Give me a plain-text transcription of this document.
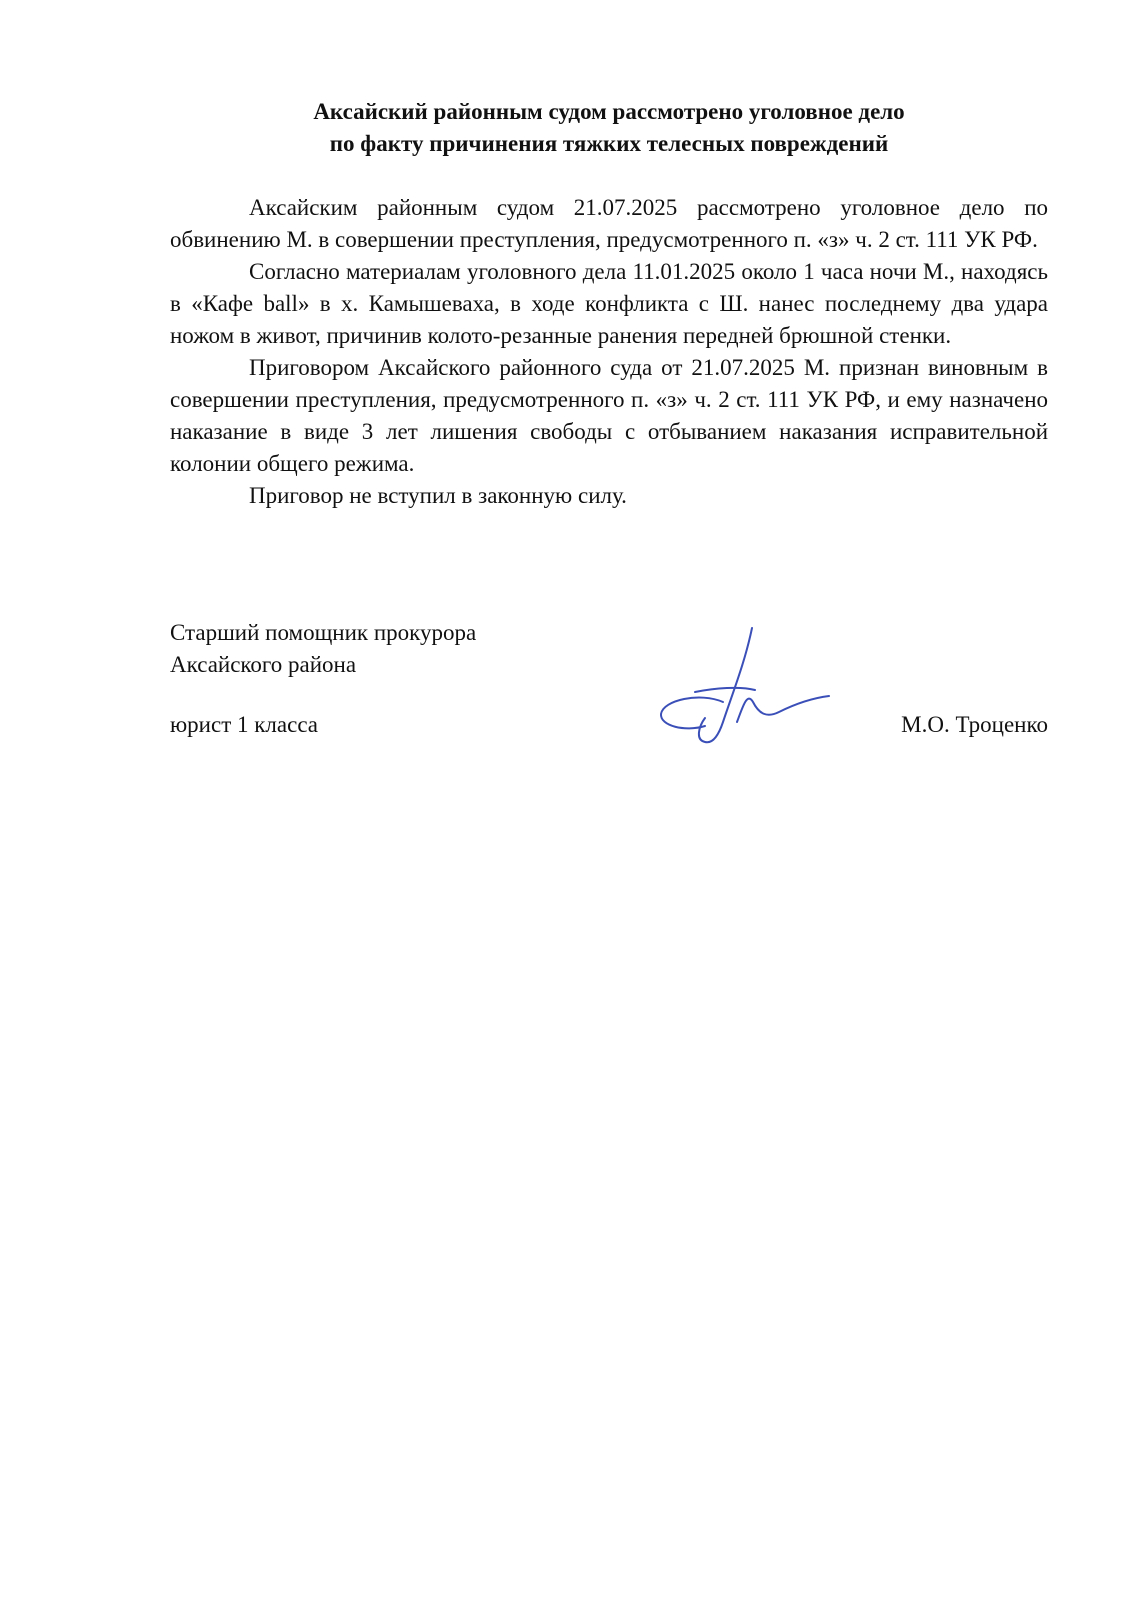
Аксайский районным судом рассмотрено уголовное дело
по факту причинения тяжких телесных повреждений

Аксайским районным судом 21.07.2025 рассмотрено уголовное дело по обвинению М. в совершении преступления, предусмотренного п. «з» ч. 2 ст. 111 УК РФ.

Согласно материалам уголовного дела 11.01.2025 около 1 часа ночи М., находясь в «Кафе ball» в х. Камышеваха, в ходе конфликта с Ш. нанес последнему два удара ножом в живот, причинив колото-резанные ранения передней брюшной стенки.

Приговором Аксайского районного суда от 21.07.2025 М. признан виновным в совершении преступления, предусмотренного п. «з» ч. 2 ст. 111 УК РФ, и ему назначено наказание в виде 3 лет лишения свободы с отбыванием наказания исправительной колонии общего режима.

Приговор не вступил в законную силу.

Старший помощник прокурора
Аксайского района
юрист 1 класса	М.О. Троценко
